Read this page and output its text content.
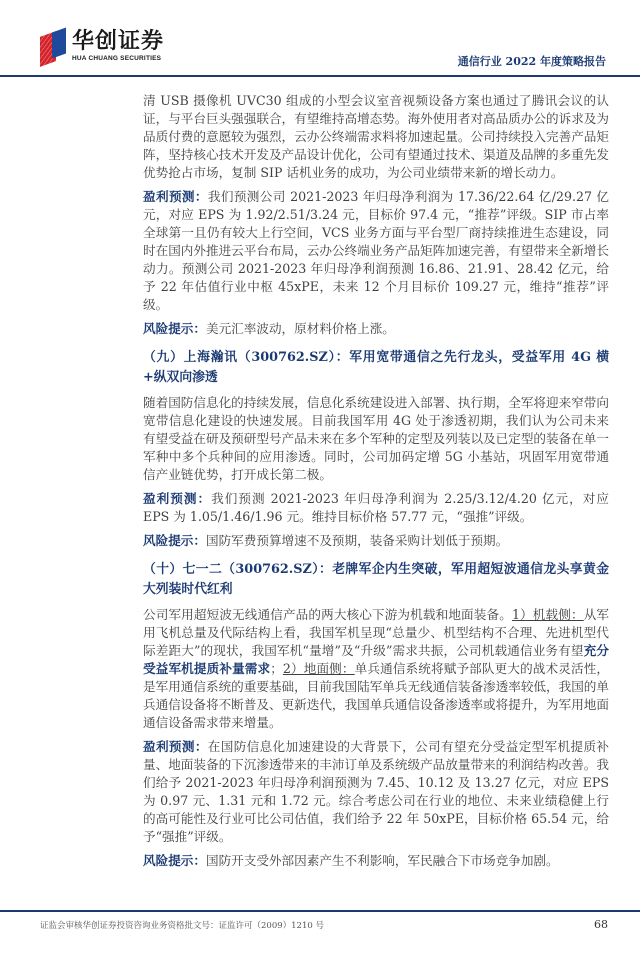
华创证券
HUA CHUANG SECURITIES	通信行业 2022 年度策略报告

清 USB 摄像机 UVC30 组成的小型会议室音视频设备方案也通过了腾讯会议的认证，与平台巨头强强联合，有望维持高增态势。海外使用者对高品质办公的诉求及为品质付费的意愿较为强烈，云办公终端需求料将加速起量。公司持续投入完善产品矩阵，坚持核心技术开发及产品设计优化，公司有望通过技术、渠道及品牌的多重先发优势抢占市场，复制 SIP 话机业务的成功，为公司业绩带来新的增长动力。

盈利预测：我们预测公司 2021-2023 年归母净利润为 17.36/22.64 亿/29.27 亿元，对应 EPS 为 1.92/2.51/3.24 元，目标价 97.4 元，“推荐”评级。SIP 市占率全球第一且仍有较大上行空间，VCS 业务方面与平台型厂商持续推进生态建设，同时在国内外推进云平台布局，云办公终端业务产品矩阵加速完善，有望带来全新增长动力。预测公司 2021-2023 年归母净利润预测 16.86、21.91、28.42 亿元，给予 22 年估值行业中枢 45xPE，未来 12 个月目标价 109.27 元，维持“推荐”评级。

风险提示：美元汇率波动，原材料价格上涨。

（九）上海瀚讯（300762.SZ）：军用宽带通信之先行龙头，受益军用 4G 横+纵双向渗透

随着国防信息化的持续发展，信息化系统建设进入部署、执行期，全军将迎来窄带向宽带信息化建设的快速发展。目前我国军用 4G 处于渗透初期，我们认为公司未来有望受益在研及预研型号产品未来在多个军种的定型及列装以及已定型的装备在单一军种中多个兵种间的应用渗透。同时，公司加码定增 5G 小基站，巩固军用宽带通信产业链优势，打开成长第二极。

盈利预测：我们预测 2021-2023 年归母净利润为 2.25/3.12/4.20 亿元，对应 EPS 为 1.05/1.46/1.96 元。维持目标价格 57.77 元，“强推”评级。

风险提示：国防军费预算增速不及预期，装备采购计划低于预期。

（十）七一二（300762.SZ）：老牌军企内生突破，军用超短波通信龙头享黄金大列装时代红利

公司军用超短波无线通信产品的两大核心下游为机载和地面装备。1）机载侧：从军用飞机总量及代际结构上看，我国军机呈现“总量少、机型结构不合理、先进机型代际差距大”的现状，我国军机“量增”及“升级”需求共振，公司机载通信业务有望充分受益军机提质补量需求；2）地面侧：单兵通信系统将赋予部队更大的战术灵活性，是军用通信系统的重要基础，目前我国陆军单兵无线通信装备渗透率较低，我国的单兵通信设备将不断普及、更新迭代，我国单兵通信设备渗透率或将提升，为军用地面通信设备需求带来增量。

盈利预测：在国防信息化加速建设的大背景下，公司有望充分受益定型军机提质补量、地面装备的下沉渗透带来的丰沛订单及系统级产品放量带来的利润结构改善。我们给予 2021-2023 年归母净利润预测为 7.45、10.12 及 13.27 亿元，对应 EPS 为 0.97 元、1.31 元和 1.72 元。综合考虑公司在行业的地位、未来业绩稳健上行的高可能性及行业可比公司估值，我们给予 22 年 50xPE，目标价格 65.54 元，给予“强推”评级。

风险提示：国防开支受外部因素产生不利影响，军民融合下市场竞争加剧。

证监会审核华创证券投资咨询业务资格批文号：证监许可（2009）1210 号	68
